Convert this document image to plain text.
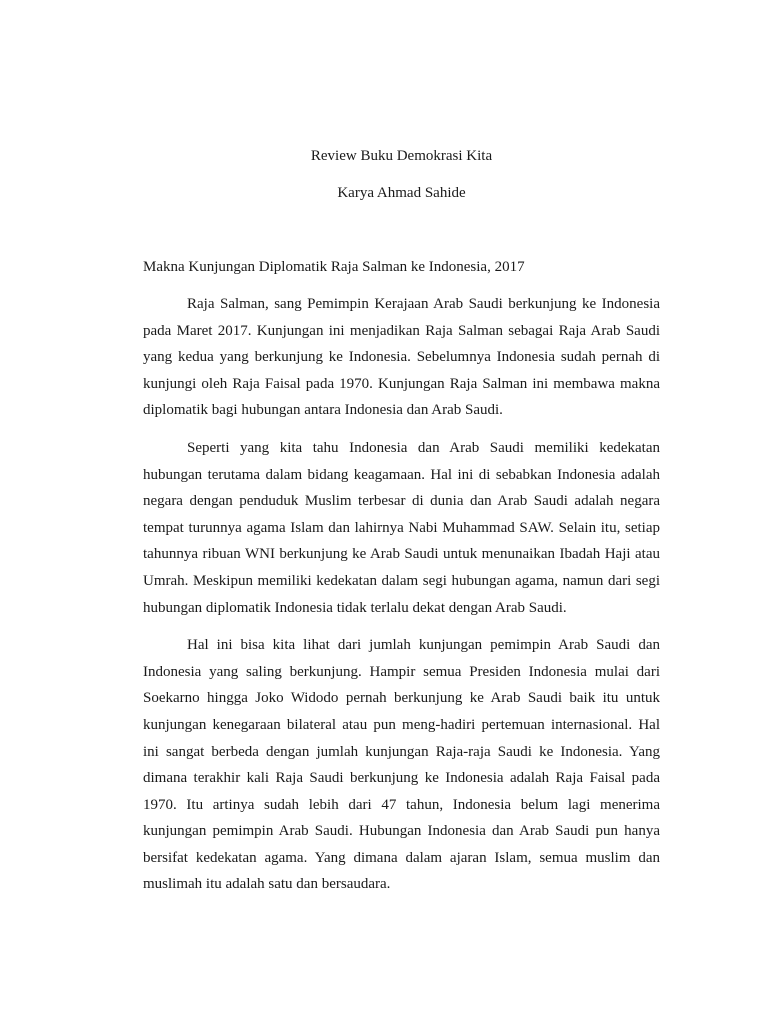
Review Buku Demokrasi Kita

Karya Ahmad Sahide

Makna Kunjungan Diplomatik Raja Salman ke Indonesia, 2017

Raja Salman, sang Pemimpin Kerajaan Arab Saudi berkunjung ke Indonesia pada Maret 2017. Kunjungan ini menjadikan Raja Salman sebagai Raja Arab Saudi yang kedua yang berkunjung ke Indonesia. Sebelumnya Indonesia sudah pernah di kunjungi oleh Raja Faisal pada 1970. Kunjungan Raja Salman ini membawa makna diplomatik bagi hubungan antara Indonesia dan Arab Saudi.

Seperti yang kita tahu Indonesia dan Arab Saudi memiliki kedekatan hubungan terutama dalam bidang keagamaan. Hal ini di sebabkan Indonesia adalah negara dengan penduduk Muslim terbesar di dunia dan Arab Saudi adalah negara tempat turunnya agama Islam dan lahirnya Nabi Muhammad SAW. Selain itu, setiap tahunnya ribuan WNI berkunjung ke Arab Saudi untuk menunaikan Ibadah Haji atau Umrah. Meskipun memiliki kedekatan dalam segi hubungan agama, namun dari segi hubungan diplomatik Indonesia tidak terlalu dekat dengan Arab Saudi.

Hal ini bisa kita lihat dari jumlah kunjungan pemimpin Arab Saudi dan Indonesia yang saling berkunjung. Hampir semua Presiden Indonesia mulai dari Soekarno hingga Joko Widodo pernah berkunjung ke Arab Saudi baik itu untuk kunjungan kenegaraan bilateral atau pun meng-hadiri pertemuan internasional. Hal ini sangat berbeda dengan jumlah kunjungan Raja-raja Saudi ke Indonesia. Yang dimana terakhir kali Raja Saudi berkunjung ke Indonesia adalah Raja Faisal pada 1970. Itu artinya sudah lebih dari 47 tahun, Indonesia belum lagi menerima kunjungan pemimpin Arab Saudi. Hubungan Indonesia dan Arab Saudi pun hanya bersifat kedekatan agama. Yang dimana dalam ajaran Islam, semua muslim dan muslimah itu adalah satu dan bersaudara.
